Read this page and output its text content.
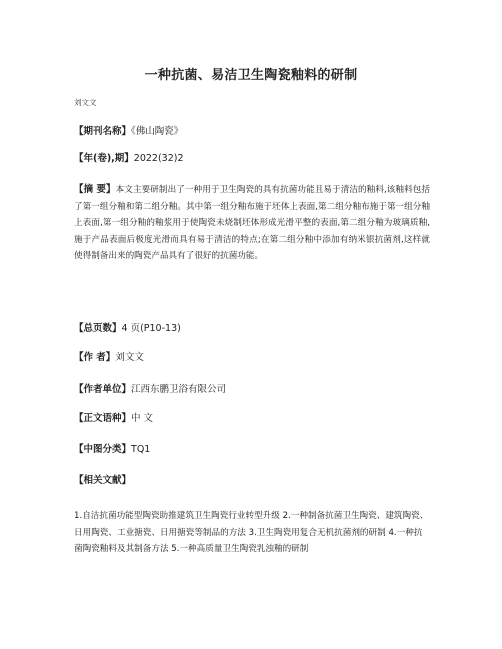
一种抗菌、易洁卫生陶瓷釉料的研制
刘文文
【期刊名称】《佛山陶瓷》
【年(卷),期】2022(32)2
【摘 要】本文主要研制出了一种用于卫生陶瓷的具有抗菌功能且易于清洁的釉料,该釉料包括了第一组分釉和第二组分釉。其中第一组分釉布施于坯体上表面,第二组分釉布施于第一组分釉上表面,第一组分釉的釉浆用于使陶瓷未烧制坯体形成光滑平整的表面,第二组分釉为玻璃质釉,施于产品表面后极度光滑而具有易于清洁的特点;在第二组分釉中添加有纳米银抗菌剂,这样就使得制备出来的陶瓷产品具有了很好的抗菌功能。
【总页数】4 页(P10-13)
【作 者】刘文文
【作者单位】江西东鹏卫浴有限公司
【正文语种】中 文
【中图分类】TQ1
【相关文献】
1.自洁抗菌功能型陶瓷助推建筑卫生陶瓷行业转型升级 2.一种制备抗菌卫生陶瓷、建筑陶瓷、日用陶瓷、工业搪瓷、日用搪瓷等制品的方法 3.卫生陶瓷用复合无机抗菌剂的研制 4.一种抗菌陶瓷釉料及其制备方法 5.一种高质量卫生陶瓷乳浊釉的研制
